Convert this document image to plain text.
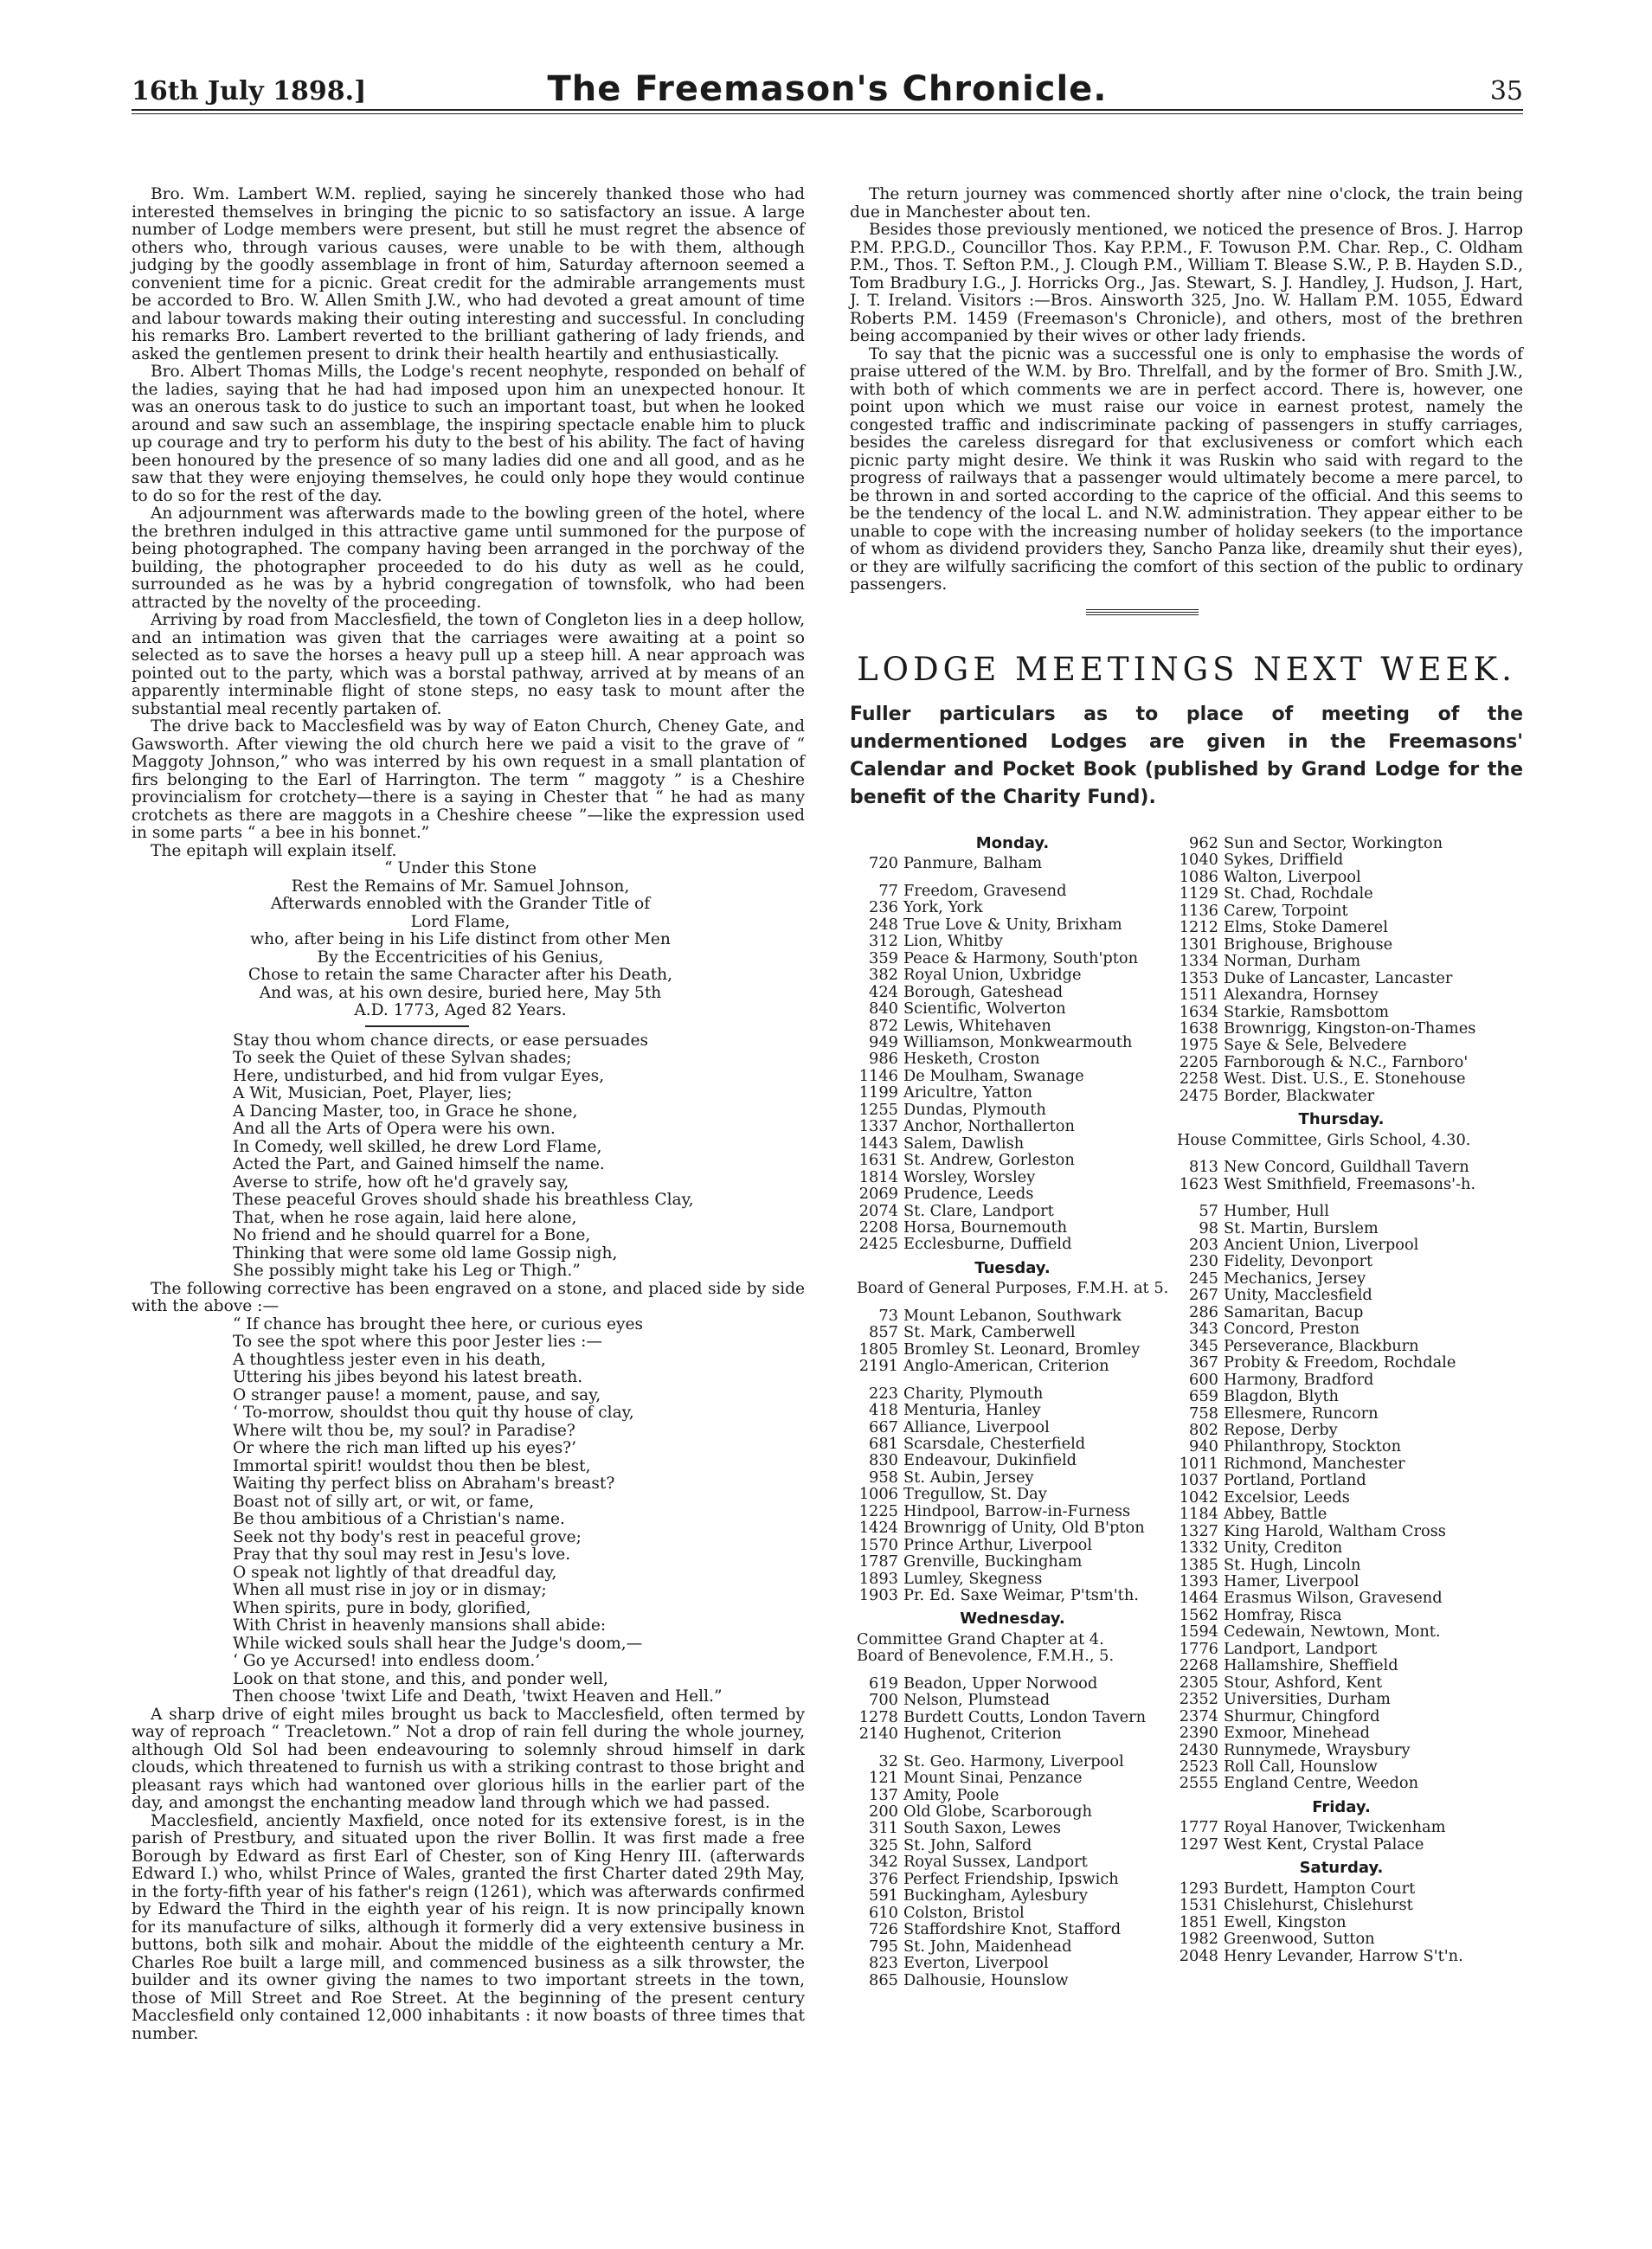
16th July 1898.]	The Freemason's Chronicle.	35

Bro. Wm. Lambert W.M. replied, saying he sincerely thanked those who had interested themselves in bringing the picnic to so satisfactory an issue. A large number of Lodge members were present, but still he must regret the absence of others who, through various causes, were unable to be with them, although judging by the goodly assemblage in front of him, Saturday afternoon seemed a convenient time for a picnic. Great credit for the admirable arrangements must be accorded to Bro. W. Allen Smith J.W., who had devoted a great amount of time and labour towards making their outing interesting and successful. In concluding his remarks Bro. Lambert reverted to the brilliant gathering of lady friends, and asked the gentlemen present to drink their health heartily and enthusiastically.

Bro. Albert Thomas Mills, the Lodge's recent neophyte, responded on behalf of the ladies, saying that he had had imposed upon him an unexpected honour. It was an onerous task to do justice to such an important toast, but when he looked around and saw such an assemblage, the inspiring spectacle enable him to pluck up courage and try to perform his duty to the best of his ability. The fact of having been honoured by the presence of so many ladies did one and all good, and as he saw that they were enjoying themselves, he could only hope they would continue to do so for the rest of the day.

An adjournment was afterwards made to the bowling green of the hotel, where the brethren indulged in this attractive game until summoned for the purpose of being photographed. The company having been arranged in the porchway of the building, the photographer proceeded to do his duty as well as he could, surrounded as he was by a hybrid congregation of townsfolk, who had been attracted by the novelty of the proceeding.

Arriving by road from Macclesfield, the town of Congleton lies in a deep hollow, and an intimation was given that the carriages were awaiting at a point so selected as to save the horses a heavy pull up a steep hill. A near approach was pointed out to the party, which was a borstal pathway, arrived at by means of an apparently interminable flight of stone steps, no easy task to mount after the substantial meal recently partaken of.

The drive back to Macclesfield was by way of Eaton Church, Cheney Gate, and Gawsworth. After viewing the old church here we paid a visit to the grave of “ Maggoty Johnson,” who was interred by his own request in a small plantation of firs belonging to the Earl of Harrington. The term “ maggoty ” is a Cheshire provincialism for crotchety—there is a saying in Chester that “ he had as many crotchets as there are maggots in a Cheshire cheese ”—like the expression used in some parts “ a bee in his bonnet.”

The epitaph will explain itself.

“ Under this Stone
Rest the Remains of Mr. Samuel Johnson,
Afterwards ennobled with the Grander Title of
Lord Flame,
who, after being in his Life distinct from other Men
By the Eccentricities of his Genius,
Chose to retain the same Character after his Death,
And was, at his own desire, buried here, May 5th
A.D. 1773, Aged 82 Years.
Stay thou whom chance directs, or ease persuades
To seek the Quiet of these Sylvan shades;
Here, undisturbed, and hid from vulgar Eyes,
A Wit, Musician, Poet, Player, lies;
A Dancing Master, too, in Grace he shone,
And all the Arts of Opera were his own.
In Comedy, well skilled, he drew Lord Flame,
Acted the Part, and Gained himself the name.
Averse to strife, how oft he'd gravely say,
These peaceful Groves should shade his breathless Clay,
That, when he rose again, laid here alone,
No friend and he should quarrel for a Bone,
Thinking that were some old lame Gossip nigh,
She possibly might take his Leg or Thigh.”

The following corrective has been engraved on a stone, and placed side by side with the above :—

“ If chance has brought thee here, or curious eyes
To see the spot where this poor Jester lies :—
A thoughtless jester even in his death,
Uttering his jibes beyond his latest breath.
O stranger pause! a moment, pause, and say,
‘ To-morrow, shouldst thou quit thy house of clay,
Where wilt thou be, my soul? in Paradise?
Or where the rich man lifted up his eyes?’
Immortal spirit! wouldst thou then be blest,
Waiting thy perfect bliss on Abraham's breast?
Boast not of silly art, or wit, or fame,
Be thou ambitious of a Christian's name.
Seek not thy body's rest in peaceful grove;
Pray that thy soul may rest in Jesu's love.
O speak not lightly of that dreadful day,
When all must rise in joy or in dismay;
When spirits, pure in body, glorified,
With Christ in heavenly mansions shall abide:
While wicked souls shall hear the Judge's doom,—
‘ Go ye Accursed! into endless doom.’
Look on that stone, and this, and ponder well,
Then choose 'twixt Life and Death, 'twixt Heaven and Hell.”

A sharp drive of eight miles brought us back to Macclesfield, often termed by way of reproach “ Treacletown.” Not a drop of rain fell during the whole journey, although Old Sol had been endeavouring to solemnly shroud himself in dark clouds, which threatened to furnish us with a striking contrast to those bright and pleasant rays which had wantoned over glorious hills in the earlier part of the day, and amongst the enchanting meadow land through which we had passed.

Macclesfield, anciently Maxfield, once noted for its extensive forest, is in the parish of Prestbury, and situated upon the river Bollin. It was first made a free Borough by Edward as first Earl of Chester, son of King Henry III. (afterwards Edward I.) who, whilst Prince of Wales, granted the first Charter dated 29th May, in the forty-fifth year of his father's reign (1261), which was afterwards confirmed by Edward the Third in the eighth year of his reign. It is now principally known for its manufacture of silks, although it formerly did a very extensive business in buttons, both silk and mohair. About the middle of the eighteenth century a Mr. Charles Roe built a large mill, and commenced business as a silk throwster, the builder and its owner giving the names to two important streets in the town, those of Mill Street and Roe Street. At the beginning of the present century Macclesfield only contained 12,000 inhabitants : it now boasts of three times that number.

The return journey was commenced shortly after nine o'clock, the train being due in Manchester about ten.

Besides those previously mentioned, we noticed the presence of Bros. J. Harrop P.M. P.P.G.D., Councillor Thos. Kay P.P.M., F. Towuson P.M. Char. Rep., C. Oldham P.M., Thos. T. Sefton P.M., J. Clough P.M., William T. Blease S.W., P. B. Hayden S.D., Tom Bradbury I.G., J. Horricks Org., Jas. Stewart, S. J. Handley, J. Hudson, J. Hart, J. T. Ireland. Visitors :—Bros. Ainsworth 325, Jno. W. Hallam P.M. 1055, Edward Roberts P.M. 1459 (Freemason's Chronicle), and others, most of the brethren being accompanied by their wives or other lady friends.

To say that the picnic was a successful one is only to emphasise the words of praise uttered of the W.M. by Bro. Threlfall, and by the former of Bro. Smith J.W., with both of which comments we are in perfect accord. There is, however, one point upon which we must raise our voice in earnest protest, namely the congested traffic and indiscriminate packing of passengers in stuffy carriages, besides the careless disregard for that exclusiveness or comfort which each picnic party might desire. We think it was Ruskin who said with regard to the progress of railways that a passenger would ultimately become a mere parcel, to be thrown in and sorted according to the caprice of the official. And this seems to be the tendency of the local L. and N.W. administration. They appear either to be unable to cope with the increasing number of holiday seekers (to the importance of whom as dividend providers they, Sancho Panza like, dreamily shut their eyes), or they are wilfully sacrificing the comfort of this section of the public to ordinary passengers.

LODGE MEETINGS NEXT WEEK.
Fuller particulars as to place of meeting of the undermentioned Lodges are given in the Freemasons' Calendar and Pocket Book (published by Grand Lodge for the benefit of the Charity Fund).
Monday.
720 Panmure, Balham
77 Freedom, Gravesend
236 York, York
248 True Love & Unity, Brixham
312 Lion, Whitby
359 Peace & Harmony, South'pton
382 Royal Union, Uxbridge
424 Borough, Gateshead
840 Scientific, Wolverton
872 Lewis, Whitehaven
949 Williamson, Monkwearmouth
986 Hesketh, Croston
1146 De Moulham, Swanage
1199 Aricultre, Yatton
1255 Dundas, Plymouth
1337 Anchor, Northallerton
1443 Salem, Dawlish
1631 St. Andrew, Gorleston
1814 Worsley, Worsley
2069 Prudence, Leeds
2074 St. Clare, Landport
2208 Horsa, Bournemouth
2425 Ecclesburne, Duffield
Tuesday.
Board of General Purposes, F.M.H. at 5.
73 Mount Lebanon, Southwark
857 St. Mark, Camberwell
1805 Bromley St. Leonard, Bromley
2191 Anglo-American, Criterion
223 Charity, Plymouth
418 Menturia, Hanley
667 Alliance, Liverpool
681 Scarsdale, Chesterfield
830 Endeavour, Dukinfield
958 St. Aubin, Jersey
1006 Tregullow, St. Day
1225 Hindpool, Barrow-in-Furness
1424 Brownrigg of Unity, Old B'pton
1570 Prince Arthur, Liverpool
1787 Grenville, Buckingham
1893 Lumley, Skegness
1903 Pr. Ed. Saxe Weimar, P'tsm'th.
Wednesday.
Committee Grand Chapter at 4.
Board of Benevolence, F.M.H., 5.
619 Beadon, Upper Norwood
700 Nelson, Plumstead
1278 Burdett Coutts, London Tavern
2140 Hughenot, Criterion
32 St. Geo. Harmony, Liverpool
121 Mount Sinai, Penzance
137 Amity, Poole
200 Old Globe, Scarborough
311 South Saxon, Lewes
325 St. John, Salford
342 Royal Sussex, Landport
376 Perfect Friendship, Ipswich
591 Buckingham, Aylesbury
610 Colston, Bristol
726 Staffordshire Knot, Stafford
795 St. John, Maidenhead
823 Everton, Liverpool
865 Dalhousie, Hounslow
962 Sun and Sector, Workington
1040 Sykes, Driffield
1086 Walton, Liverpool
1129 St. Chad, Rochdale
1136 Carew, Torpoint
1212 Elms, Stoke Damerel
1301 Brighouse, Brighouse
1334 Norman, Durham
1353 Duke of Lancaster, Lancaster
1511 Alexandra, Hornsey
1634 Starkie, Ramsbottom
1638 Brownrigg, Kingston-on-Thames
1975 Saye & Sele, Belvedere
2205 Farnborough & N.C., Farnboro'
2258 West. Dist. U.S., E. Stonehouse
2475 Border, Blackwater
Thursday.
House Committee, Girls School, 4.30.
813 New Concord, Guildhall Tavern
1623 West Smithfield, Freemasons'-h.
57 Humber, Hull
98 St. Martin, Burslem
203 Ancient Union, Liverpool
230 Fidelity, Devonport
245 Mechanics, Jersey
267 Unity, Macclesfield
286 Samaritan, Bacup
343 Concord, Preston
345 Perseverance, Blackburn
367 Probity & Freedom, Rochdale
600 Harmony, Bradford
659 Blagdon, Blyth
758 Ellesmere, Runcorn
802 Repose, Derby
940 Philanthropy, Stockton
1011 Richmond, Manchester
1037 Portland, Portland
1042 Excelsior, Leeds
1184 Abbey, Battle
1327 King Harold, Waltham Cross
1332 Unity, Crediton
1385 St. Hugh, Lincoln
1393 Hamer, Liverpool
1464 Erasmus Wilson, Gravesend
1562 Homfray, Risca
1594 Cedewain, Newtown, Mont.
1776 Landport, Landport
2268 Hallamshire, Sheffield
2305 Stour, Ashford, Kent
2352 Universities, Durham
2374 Shurmur, Chingford
2390 Exmoor, Minehead
2430 Runnymede, Wraysbury
2523 Roll Call, Hounslow
2555 England Centre, Weedon
Friday.
1777 Royal Hanover, Twickenham
1297 West Kent, Crystal Palace
Saturday.
1293 Burdett, Hampton Court
1531 Chislehurst, Chislehurst
1851 Ewell, Kingston
1982 Greenwood, Sutton
2048 Henry Levander, Harrow S't'n.
